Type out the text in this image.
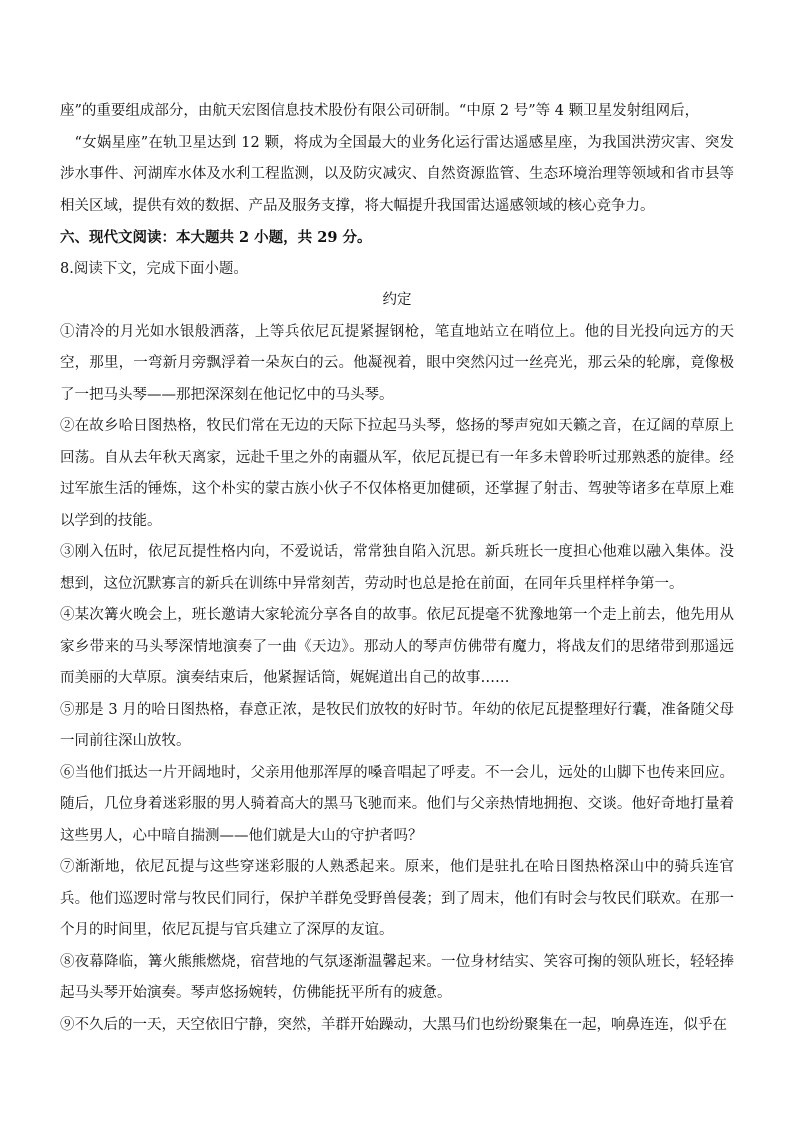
座”的重要组成部分，由航天宏图信息技术股份有限公司研制。“中原 2 号”等 4 颗卫星发射组网后，
“女娲星座”在轨卫星达到 12 颗，将成为全国最大的业务化运行雷达遥感星座，为我国洪涝灾害、突发涉水事件、河湖库水体及水利工程监测，以及防灾减灾、自然资源监管、生态环境治理等领域和省市县等相关区域，提供有效的数据、产品及服务支撑，将大幅提升我国雷达遥感领域的核心竞争力。

六、现代文阅读：本大题共 2 小题，共 29 分。

8.阅读下文，完成下面小题。

约定

①清冷的月光如水银般洒落，上等兵依尼瓦提紧握钢枪，笔直地站立在哨位上。他的目光投向远方的天空，那里，一弯新月旁飘浮着一朵灰白的云。他凝视着，眼中突然闪过一丝亮光，那云朵的轮廓，竟像极了一把马头琴——那把深深刻在他记忆中的马头琴。

②在故乡哈日图热格，牧民们常在无边的天际下拉起马头琴，悠扬的琴声宛如天籁之音，在辽阔的草原上回荡。自从去年秋天离家，远赴千里之外的南疆从军，依尼瓦提已有一年多未曾聆听过那熟悉的旋律。经过军旅生活的锤炼，这个朴实的蒙古族小伙子不仅体格更加健硕，还掌握了射击、驾驶等诸多在草原上难以学到的技能。

③刚入伍时，依尼瓦提性格内向，不爱说话，常常独自陷入沉思。新兵班长一度担心他难以融入集体。没想到，这位沉默寡言的新兵在训练中异常刻苦，劳动时也总是抢在前面，在同年兵里样样争第一。

④某次篝火晚会上，班长邀请大家轮流分享各自的故事。依尼瓦提毫不犹豫地第一个走上前去，他先用从家乡带来的马头琴深情地演奏了一曲《天边》。那动人的琴声仿佛带有魔力，将战友们的思绪带到那遥远而美丽的大草原。演奏结束后，他紧握话筒，娓娓道出自己的故事……

⑤那是 3 月的哈日图热格，春意正浓，是牧民们放牧的好时节。年幼的依尼瓦提整理好行囊，准备随父母一同前往深山放牧。

⑥当他们抵达一片开阔地时，父亲用他那浑厚的嗓音唱起了呼麦。不一会儿，远处的山脚下也传来回应。随后，几位身着迷彩服的男人骑着高大的黑马飞驰而来。他们与父亲热情地拥抱、交谈。他好奇地打量着这些男人，心中暗自揣测——他们就是大山的守护者吗？

⑦渐渐地，依尼瓦提与这些穿迷彩服的人熟悉起来。原来，他们是驻扎在哈日图热格深山中的骑兵连官兵。他们巡逻时常与牧民们同行，保护羊群免受野兽侵袭；到了周末，他们有时会与牧民们联欢。在那一个月的时间里，依尼瓦提与官兵建立了深厚的友谊。

⑧夜幕降临，篝火熊熊燃烧，宿营地的气氛逐渐温馨起来。一位身材结实、笑容可掬的领队班长，轻轻捧起马头琴开始演奏。琴声悠扬婉转，仿佛能抚平所有的疲惫。

⑨不久后的一天，天空依旧宁静，突然，羊群开始躁动，大黑马们也纷纷聚集在一起，响鼻连连，似乎在
